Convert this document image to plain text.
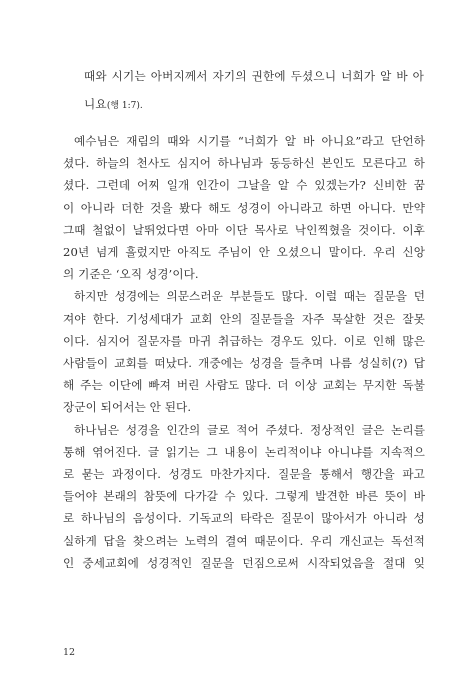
때와 시기는 아버지께서 자기의 권한에 두셨으니 너희가 알 바 아
니요(행 1:7).
예수님은 재림의 때와 시기를 “너희가 알 바 아니요”라고 단언하
셨다. 하늘의 천사도 심지어 하나님과 동등하신 본인도 모른다고 하
셨다. 그런데 어찌 일개 인간이 그날을 알 수 있겠는가? 신비한 꿈
이 아니라 더한 것을 봤다 해도 성경이 아니라고 하면 아니다. 만약
그때 철없이 날뛰었다면 아마 이단 목사로 낙인찍혔을 것이다. 이후
20년 넘게 흘렀지만 아직도 주님이 안 오셨으니 말이다. 우리 신앙
의 기준은 ‘오직 성경’이다.
하지만 성경에는 의문스러운 부분들도 많다. 이럴 때는 질문을 던
져야 한다. 기성세대가 교회 안의 질문들을 자주 묵살한 것은 잘못
이다. 심지어 질문자를 마귀 취급하는 경우도 있다. 이로 인해 많은
사람들이 교회를 떠났다. 개중에는 성경을 들추며 나름 성실히(?) 답
해 주는 이단에 빠져 버린 사람도 많다. 더 이상 교회는 무지한 독불
장군이 되어서는 안 된다.
하나님은 성경을 인간의 글로 적어 주셨다. 정상적인 글은 논리를
통해 엮어진다. 글 읽기는 그 내용이 논리적이냐 아니냐를 지속적으
로 묻는 과정이다. 성경도 마찬가지다. 질문을 통해서 행간을 파고
들어야 본래의 참뜻에 다가갈 수 있다. 그렇게 발견한 바른 뜻이 바
로 하나님의 음성이다. 기독교의 타락은 질문이 많아서가 아니라 성
실하게 답을 찾으려는 노력의 결여 때문이다. 우리 개신교는 독선적
인 중세교회에 성경적인 질문을 던짐으로써 시작되었음을 절대 잊
12
